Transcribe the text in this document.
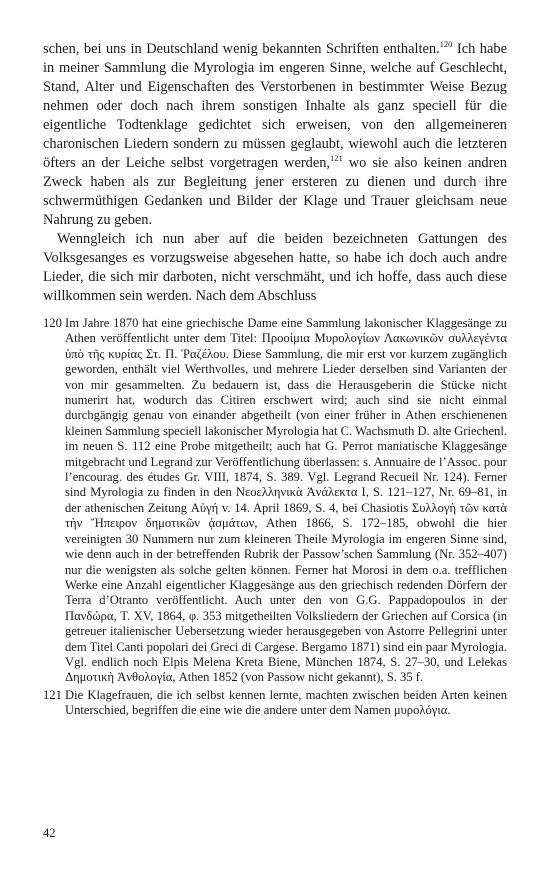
schen, bei uns in Deutschland wenig bekannten Schriften enthalten.$^{120}$ Ich habe in meiner Sammlung die Myrologia im engeren Sinne, welche auf Geschlecht, Stand, Alter und Eigenschaften des Verstorbenen in bestimmter Weise Bezug nehmen oder doch nach ihrem sonstigen Inhalte als ganz speciell für die eigentliche Todtenklage gedichtet sich erweisen, von den allgemeineren charonischen Liedern sondern zu müssen geglaubt, wiewohl auch die letzteren öfters an der Leiche selbst vorgetragen werden,$^{121}$ wo sie also keinen andren Zweck haben als zur Begleitung jener ersteren zu dienen und durch ihre schwermüthigen Gedanken und Bilder der Klage und Trauer gleichsam neue Nahrung zu geben.

Wenngleich ich nun aber auf die beiden bezeichneten Gattungen des Volksgesanges es vorzugsweise abgesehen hatte, so habe ich doch auch andre Lieder, die sich mir darboten, nicht verschmäht, und ich hoffe, dass auch diese willkommen sein werden. Nach dem Abschluss

120 Im Jahre 1870 hat eine griechische Dame eine Sammlung lakonischer Klaggesänge zu Athen veröffentlicht unter dem Titel: Προοίμια Μυρολογίων Λακωνικῶν συλλεγέντα ὑπὸ τῆς κυρίας Στ. Π. Ῥαζέλου. Diese Sammlung, die mir erst vor kurzem zugänglich geworden, enthält viel Werthvolles, und mehrere Lieder derselben sind Varianten der von mir gesammelten. Zu bedauern ist, dass die Herausgeberin die Stücke nicht numerirt hat, wodurch das Citiren erschwert wird; auch sind sie nicht einmal durchgängig genau von einander abgetheilt (von einer früher in Athen erschienenen kleinen Sammlung speciell lakonischer Myrologia hat C. Wachsmuth D. alte Griechenl. im neuen S. 112 eine Probe mitgetheilt; auch hat G. Perrot maniatische Klaggesänge mitgebracht und Legrand zur Veröffentlichung überlassen: s. Annuaire de l’Assoc. pour l’encourag. des études Gr. VIII, 1874, S. 389. Vgl. Legrand Recueil Nr. 124). Ferner sind Myrologia zu finden in den Νεοελληνικὰ Ἀνάλεκτα I, S. 121–127, Nr. 69–81, in der athenischen Zeitung Αὐγή v. 14. April 1869, S. 4, bei Chasiotis Συλλογὴ τῶν κατὰ τὴν Ἤπειρον δημοτικῶν ᾀσμάτων, Athen 1866, S. 172–185, obwohl die hier vereinigten 30 Nummern nur zum kleineren Theile Myrologia im engeren Sinne sind, wie denn auch in der betreffenden Rubrik der Passow’schen Sammlung (Nr. 352–407) nur die wenigsten als solche gelten können. Ferner hat Morosi in dem o.a. trefflichen Werke eine Anzahl eigentlicher Klaggesänge aus den griechisch redenden Dörfern der Terra d’Otranto veröffentlicht. Auch unter den von G.G. Pappadopoulos in der Πανδώρα, T. XV, 1864, φ. 353 mitgetheilten Volksliedern der Griechen auf Corsica (in getreuer italienischer Uebersetzung wieder herausgegeben von Astorre Pellegrini unter dem Titel Canti popolari dei Greci di Cargese. Bergamo 1871) sind ein paar Myrologia. Vgl. endlich noch Elpis Melena Kreta Biene, München 1874, S. 27–30, und Lelekas Δημοτικὴ Ἀνθολογία, Athen 1852 (von Passow nicht gekannt), S. 35 f.
121 Die Klagefrauen, die ich selbst kennen lernte, machten zwischen beiden Arten keinen Unterschied, begriffen die eine wie die andere unter dem Namen μυρολόγια.
42
